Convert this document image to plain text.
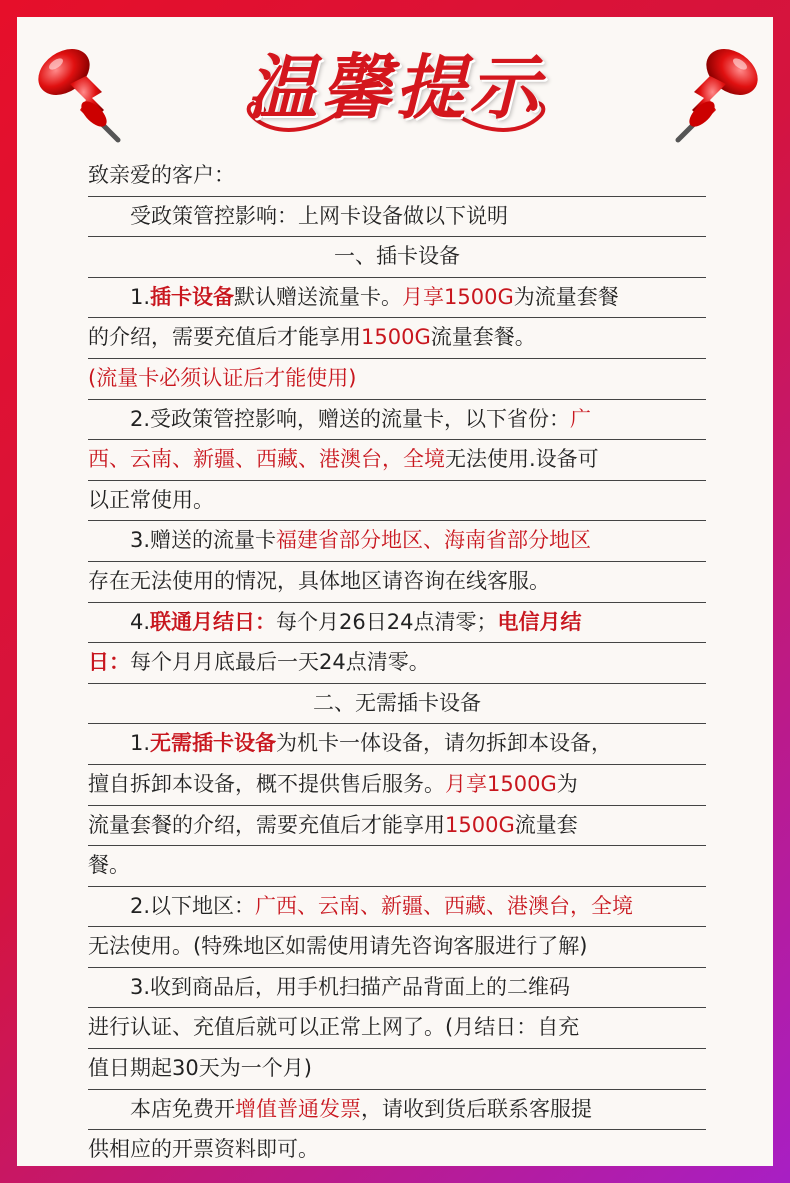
温馨提示
致亲爱的客户：
　　受政策管控影响：上网卡设备做以下说明
一、插卡设备
　　1.插卡设备默认赠送流量卡。月享1500G为流量套餐
的介绍，需要充值后才能享用1500G流量套餐。
(流量卡必须认证后才能使用)
　　2.受政策管控影响，赠送的流量卡，以下省份：广
西、云南、新疆、西藏、港澳台，全境无法使用.设备可
以正常使用。
　　3.赠送的流量卡福建省部分地区、海南省部分地区
存在无法使用的情况，具体地区请咨询在线客服。
　　4.联通月结日：每个月26日24点清零；电信月结
日：每个月月底最后一天24点清零。
二、无需插卡设备
　　1.无需插卡设备为机卡一体设备，请勿拆卸本设备，
擅自拆卸本设备，概不提供售后服务。月享1500G为
流量套餐的介绍，需要充值后才能享用1500G流量套
餐。
　　2.以下地区：广西、云南、新疆、西藏、港澳台，全境
无法使用。(特殊地区如需使用请先咨询客服进行了解)
　　3.收到商品后，用手机扫描产品背面上的二维码
进行认证、充值后就可以正常上网了。(月结日：自充
值日期起30天为一个月)
　　本店免费开增值普通发票，请收到货后联系客服提
供相应的开票资料即可。
